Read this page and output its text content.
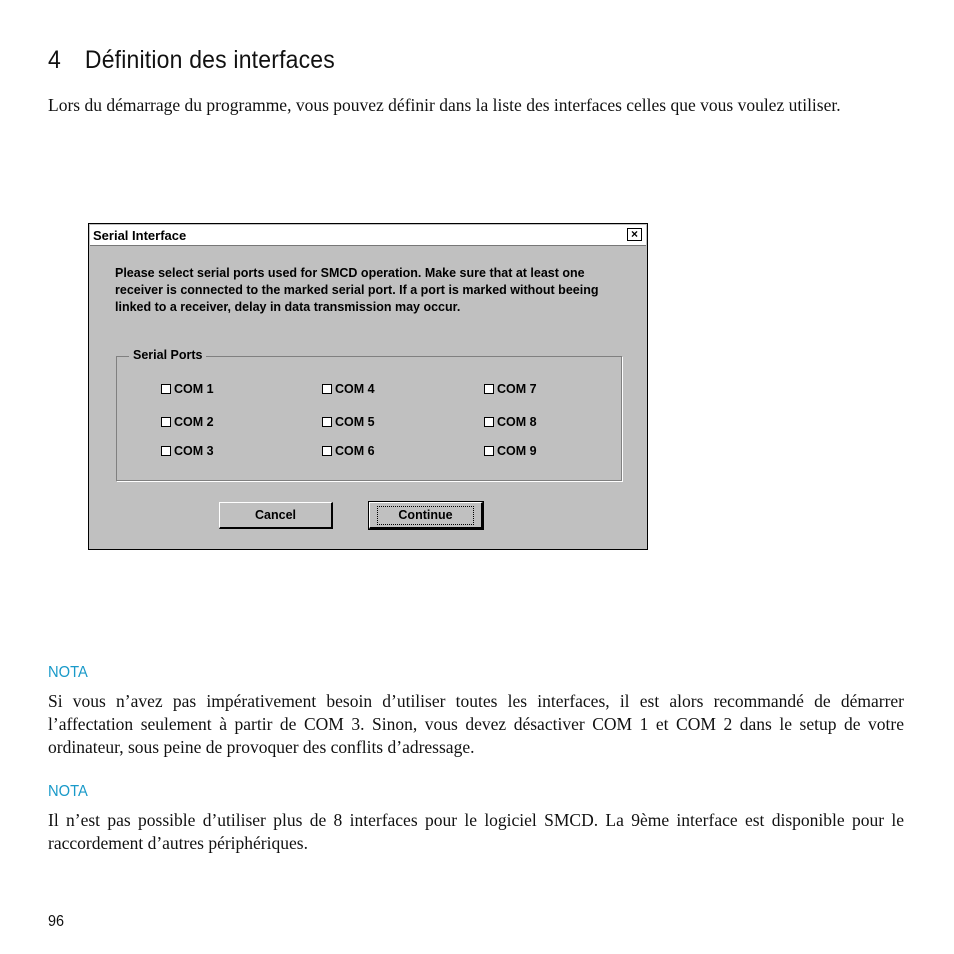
4 Définition des interfaces
Lors du démarrage du programme, vous pouvez définir dans la liste des interfaces celles que vous voulez utiliser.
Serial Interface	×
Please select serial ports used for SMCD operation. Make sure that at least one receiver is connected to the marked serial port. If a port is marked without beeing linked to a receiver, delay in data transmission may occur.
Serial Ports
COM 1
COM 2
COM 3
COM 4
COM 5
COM 6
COM 7
COM 8
COM 9
Cancel	Continue
NOTA
Si vous n’avez pas impérativement besoin d’utiliser toutes les interfaces, il est alors recommandé de démarrer l’affectation seulement à partir de COM 3. Sinon, vous devez désactiver COM 1 et COM 2 dans le setup de votre ordinateur, sous peine de provoquer des conflits d’adressage.
NOTA
Il n’est pas possible d’utiliser plus de 8 interfaces pour le logiciel SMCD. La 9ème interface est disponible pour le raccordement d’autres périphériques.
96
